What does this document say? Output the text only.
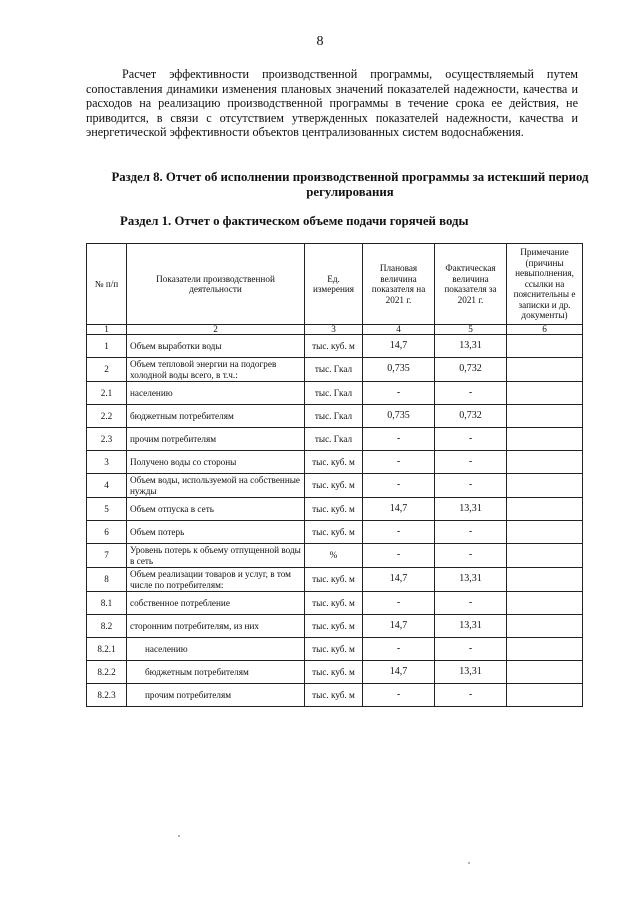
8

Расчет эффективности производственной программы, осуществляемый путем сопоставления динамики изменения плановых значений показателей надежности, качества и расходов на реализацию производственной программы в течение срока ее действия, не приводится, в связи с отсутствием утвержденных показателей надежности, качества и энергетической эффективности объектов централизованных систем водоснабжения.

Раздел 8. Отчет об исполнении производственной программы за истекший период регулирования

Раздел 1. Отчет о фактическом объеме подачи горячей воды

№ п/п	Показатели производственной деятельности	Ед. измерения	Плановая величина показателя на 2021 г.	Фактическая величина показателя за 2021 г.	Примечание (причины невыполнения, ссылки на пояснительны е записки и др. документы)
1	2	3	4	5	6
1	Объем выработки воды	тыс. куб. м	14,7	13,31	
2	Объем тепловой энергии на подогрев холодной воды всего, в т.ч.:	тыс. Гкал	0,735	0,732	
2.1	населению	тыс. Гкал	-	-	
2.2	бюджетным потребителям	тыс. Гкал	0,735	0,732	
2.3	прочим потребителям	тыс. Гкал	-	-	
3	Получено воды со стороны	тыс. куб. м	-	-	
4	Объем воды, используемой на собственные нужды	тыс. куб. м	-	-	
5	Объем отпуска в сеть	тыс. куб. м	14,7	13,31	
6	Объем потерь	тыс. куб. м	-	-	
7	Уровень потерь к объему отпущенной воды в сеть	%	-	-	
8	Объем реализации товаров и услуг, в том числе по потребителям:	тыс. куб. м	14,7	13,31	
8.1	собственное потребление	тыс. куб. м	-	-	
8.2	сторонним потребителям, из них	тыс. куб. м	14,7	13,31	
8.2.1	населению	тыс. куб. м	-	-	
8.2.2	бюджетным потребителям	тыс. куб. м	14,7	13,31	
8.2.3	прочим потребителям	тыс. куб. м	-	-	
